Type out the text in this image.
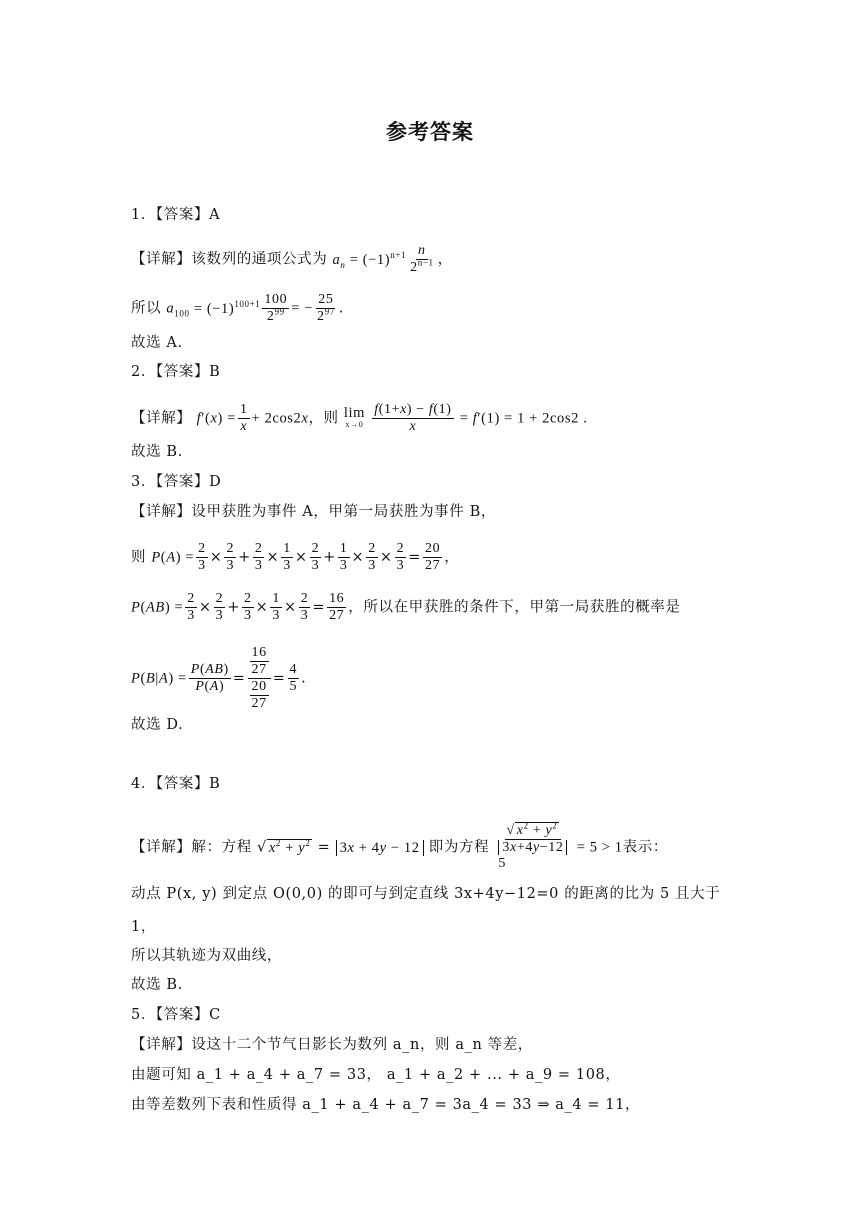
参考答案
1．【答案】A
【详解】该数列的通项公式为 $a_n = (-1)^{n+1} \frac{n}{2^{n-1}}$ ，
所以 $a_{100} = (-1)^{100+1} \frac{100}{2^{99}}$ = − $\frac{25}{2^{97}}$ .
故选 A.
2．【答案】B
【详解】 $f'(x) = \frac{1}{x} + 2\cos 2x$，则 lim
x→0
$\frac{f(1+x) - f(1)}{x} = f'(1) = 1 + 2\cos 2$ .
故选 B.
3．【答案】D
【详解】设甲获胜为事件 A，甲第一局获胜为事件 B，
则 $P(A) = \frac{2}{3} \times \frac{2}{3} + \frac{2}{3} \times \frac{1}{3} \times \frac{2}{3} + \frac{1}{3} \times \frac{2}{3} \times \frac{2}{3} = \frac{20}{27}$ ，
$P(AB) = \frac{2}{3} \times \frac{2}{3} + \frac{2}{3} \times \frac{1}{3} \times \frac{2}{3} = \frac{16}{27}$ ，所以在甲获胜的条件下，甲第一局获胜的概率是
$P(B|A) = \frac{P(AB)}{P(A)} = \frac{\frac{16}{27}}{\frac{20}{27}} = \frac{4}{5}$ .
故选 D.
4．【答案】B
【详解】解：方程 √ $x^2 + y^2 = 3x + 4y - 12$ 即为方程
√ $x^2 + y^2$
3x+4y−12
5
= 5 > 1表示：
动点 P(x, y) 到定点 O(0,0) 的即可与到定直线 3x+4y−12=0 的距离的比为 5 且大于
1，
所以其轨迹为双曲线，
故选 B.
5．【答案】C
【详解】设这十二个节气日影长为数列 a_n，则 a_n 等差，
由题可知 a_1 + a_4 + a_7 = 33， a_1 + a_2 + ... + a_9 = 108，
由等差数列下表和性质得 a_1 + a_4 + a_7 = 3a_4 = 33 ⇒ a_4 = 11，
